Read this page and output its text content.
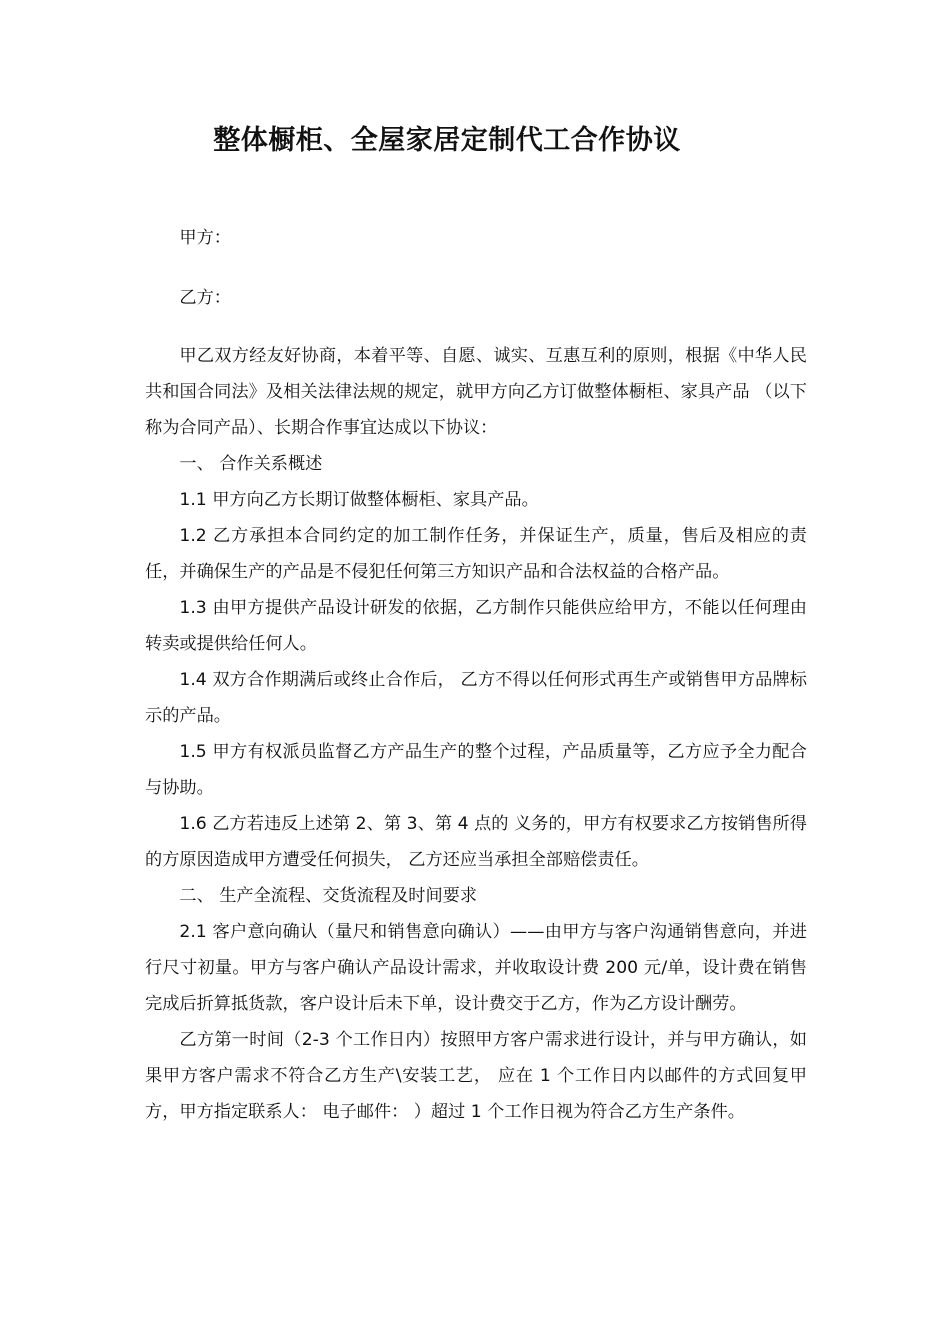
整体橱柜、全屋家居定制代工合作协议

甲方：

乙方：

甲乙双方经友好协商，本着平等、自愿、诚实、互惠互利的原则，根据《中华人民共和国合同法》及相关法律法规的规定，就甲方向乙方订做整体橱柜、家具产品 （以下称为合同产品）、长期合作事宜达成以下协议：

一、 合作关系概述

1.1 甲方向乙方长期订做整体橱柜、家具产品。

1.2 乙方承担本合同约定的加工制作任务，并保证生产，质量，售后及相应的责任，并确保生产的产品是不侵犯任何第三方知识产品和合法权益的合格产品。

1.3 由甲方提供产品设计研发的依据，乙方制作只能供应给甲方，不能以任何理由转卖或提供给任何人。

1.4 双方合作期满后或终止合作后， 乙方不得以任何形式再生产或销售甲方品牌标示的产品。

1.5 甲方有权派员监督乙方产品生产的整个过程，产品质量等，乙方应予全力配合与协助。

1.6 乙方若违反上述第 2、第 3、第 4 点的 义务的，甲方有权要求乙方按销售所得的方原因造成甲方遭受任何损失， 乙方还应当承担全部赔偿责任。

二、 生产全流程、交货流程及时间要求

2.1 客户意向确认（量尺和销售意向确认）——由甲方与客户沟通销售意向，并进行尺寸初量。甲方与客户确认产品设计需求，并收取设计费 200 元/单，设计费在销售完成后折算抵货款，客户设计后未下单，设计费交于乙方，作为乙方设计酬劳。

乙方第一时间（2-3 个工作日内）按照甲方客户需求进行设计，并与甲方确认，如果甲方客户需求不符合乙方生产\安装工艺， 应在 1 个工作日内以邮件的方式回复甲方，甲方指定联系人： 电子邮件： ）超过 1 个工作日视为符合乙方生产条件。
